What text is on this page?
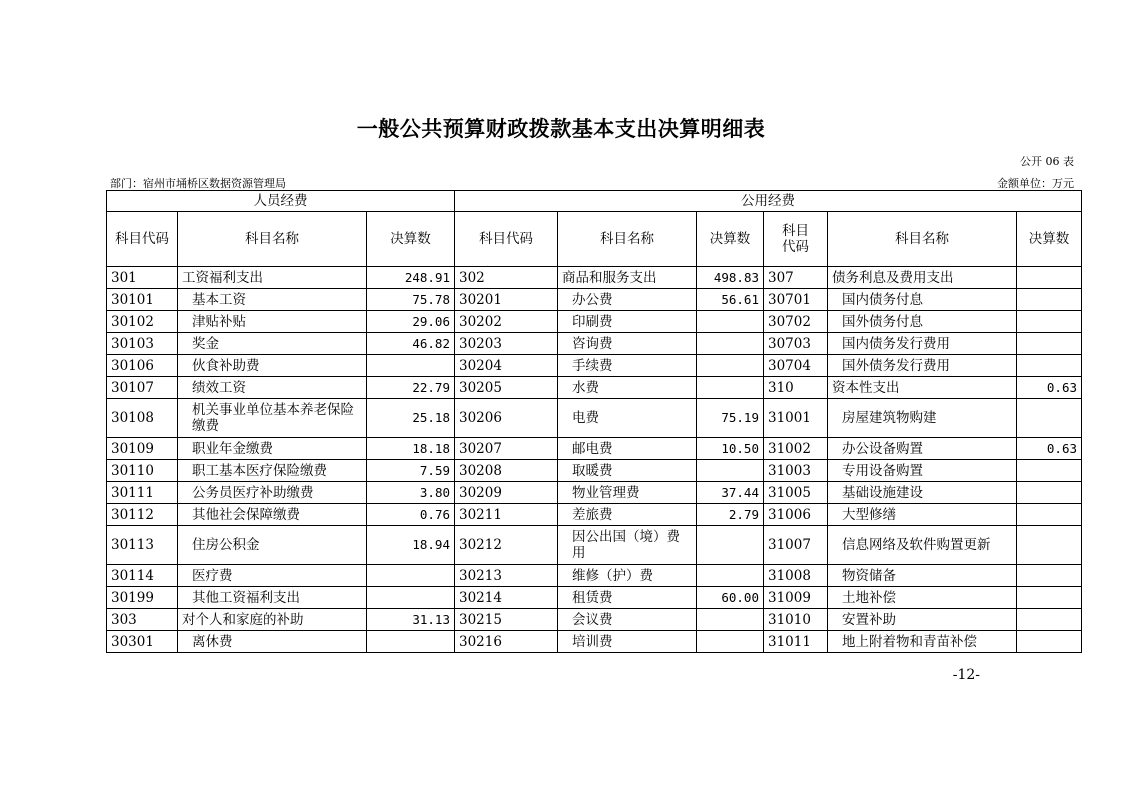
一般公共预算财政拨款基本支出决算明细表
公开 06 表
部门：宿州市埇桥区数据资源管理局	金额单位：万元
人员经费			公用经费					
科目代码	科目名称	决算数	科目代码	科目名称	决算数	科目代码	科目名称	决算数
301	工资福利支出	248.91	302	商品和服务支出	498.83	307	债务利息及费用支出	
30101	基本工资	75.78	30201	办公费	56.61	30701	国内债务付息	
30102	津贴补贴	29.06	30202	印刷费		30702	国外债务付息	
30103	奖金	46.82	30203	咨询费		30703	国内债务发行费用	
30106	伙食补助费		30204	手续费		30704	国外债务发行费用	
30107	绩效工资	22.79	30205	水费		310	资本性支出	0.63
30108	机关事业单位基本养老保险缴费	25.18	30206	电费	75.19	31001	房屋建筑物购建	
30109	职业年金缴费	18.18	30207	邮电费	10.50	31002	办公设备购置	0.63
30110	职工基本医疗保险缴费	7.59	30208	取暖费		31003	专用设备购置	
30111	公务员医疗补助缴费	3.80	30209	物业管理费	37.44	31005	基础设施建设	
30112	其他社会保障缴费	0.76	30211	差旅费	2.79	31006	大型修缮	
30113	住房公积金	18.94	30212	因公出国（境）费用		31007	信息网络及软件购置更新	
30114	医疗费		30213	维修（护）费		31008	物资储备	
30199	其他工资福利支出		30214	租赁费	60.00	31009	土地补偿	
303	对个人和家庭的补助	31.13	30215	会议费		31010	安置补助	
30301	离休费		30216	培训费		31011	地上附着物和青苗补偿	
-12-
